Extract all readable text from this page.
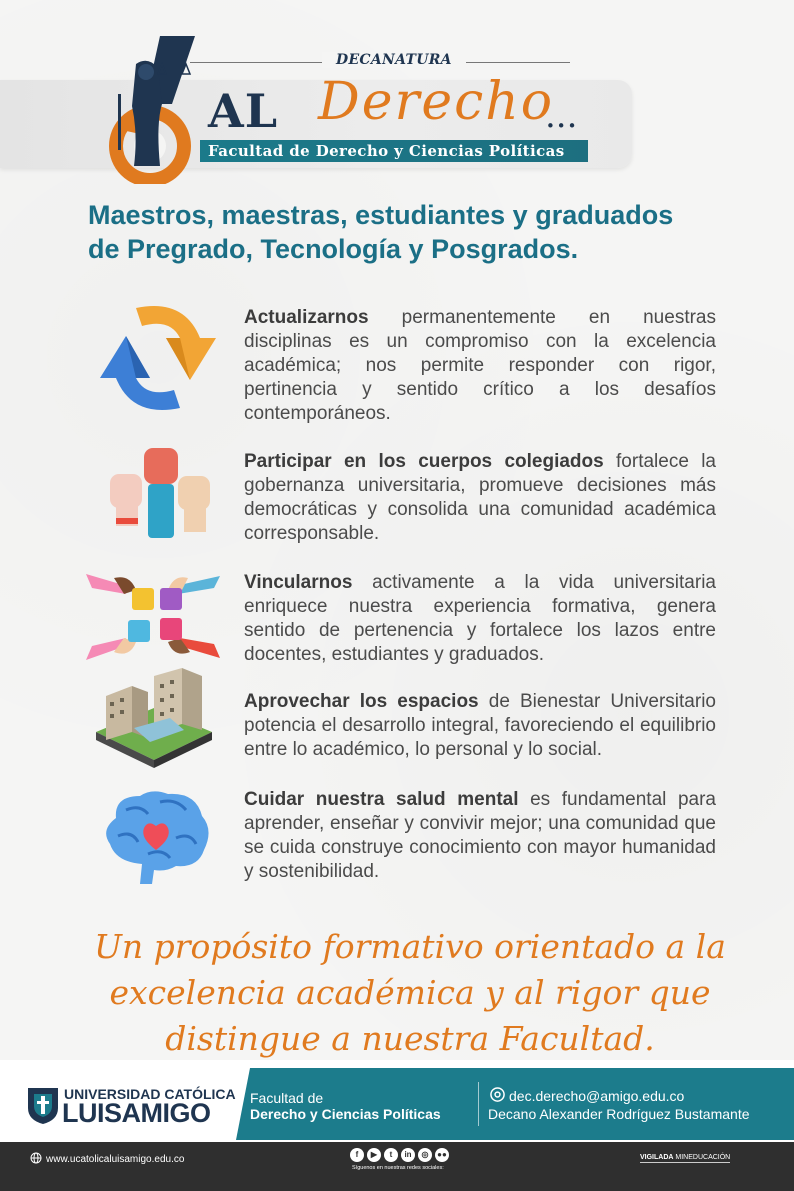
DECANATURA
AL Derecho
...
Facultad de Derecho y Ciencias Políticas
Maestros, maestras, estudiantes y graduados
de Pregrado, Tecnología y Posgrados.
Actualizarnos permanentemente en nuestras disciplinas es un compromiso con la excelencia académica; nos permite responder con rigor, pertinencia y sentido crítico a los desafíos contemporáneos.
Participar en los cuerpos colegiados fortalece la gobernanza universitaria, promueve decisiones más democráticas y consolida una comunidad académica corresponsable.
Vincularnos activamente a la vida universitaria enriquece nuestra experiencia formativa, genera sentido de pertenencia y fortalece los lazos entre docentes, estudiantes y graduados.
Aprovechar los espacios de Bienestar Universitario potencia el desarrollo integral, favoreciendo el equilibrio entre lo académico, lo personal y lo social.
Cuidar nuestra salud mental es fundamental para aprender, enseñar y convivir mejor; una comunidad que se cuida construye conocimiento con mayor humanidad y sostenibilidad.
Un propósito formativo orientado a la
excelencia académica y al rigor que
distingue a nuestra Facultad.
UNIVERSIDAD CATÓLICA
LUISAMIGO	Facultad de
Derecho y Ciencias Políticas
dec.derecho@amigo.edu.co
Decano Alexander Rodríguez Bustamante
www.ucatolicaluisamigo.edu.co	f	▶	t	in	◎	●●
Síguenos en nuestras redes sociales:
VIGILADA MINEDUCACIÓN
